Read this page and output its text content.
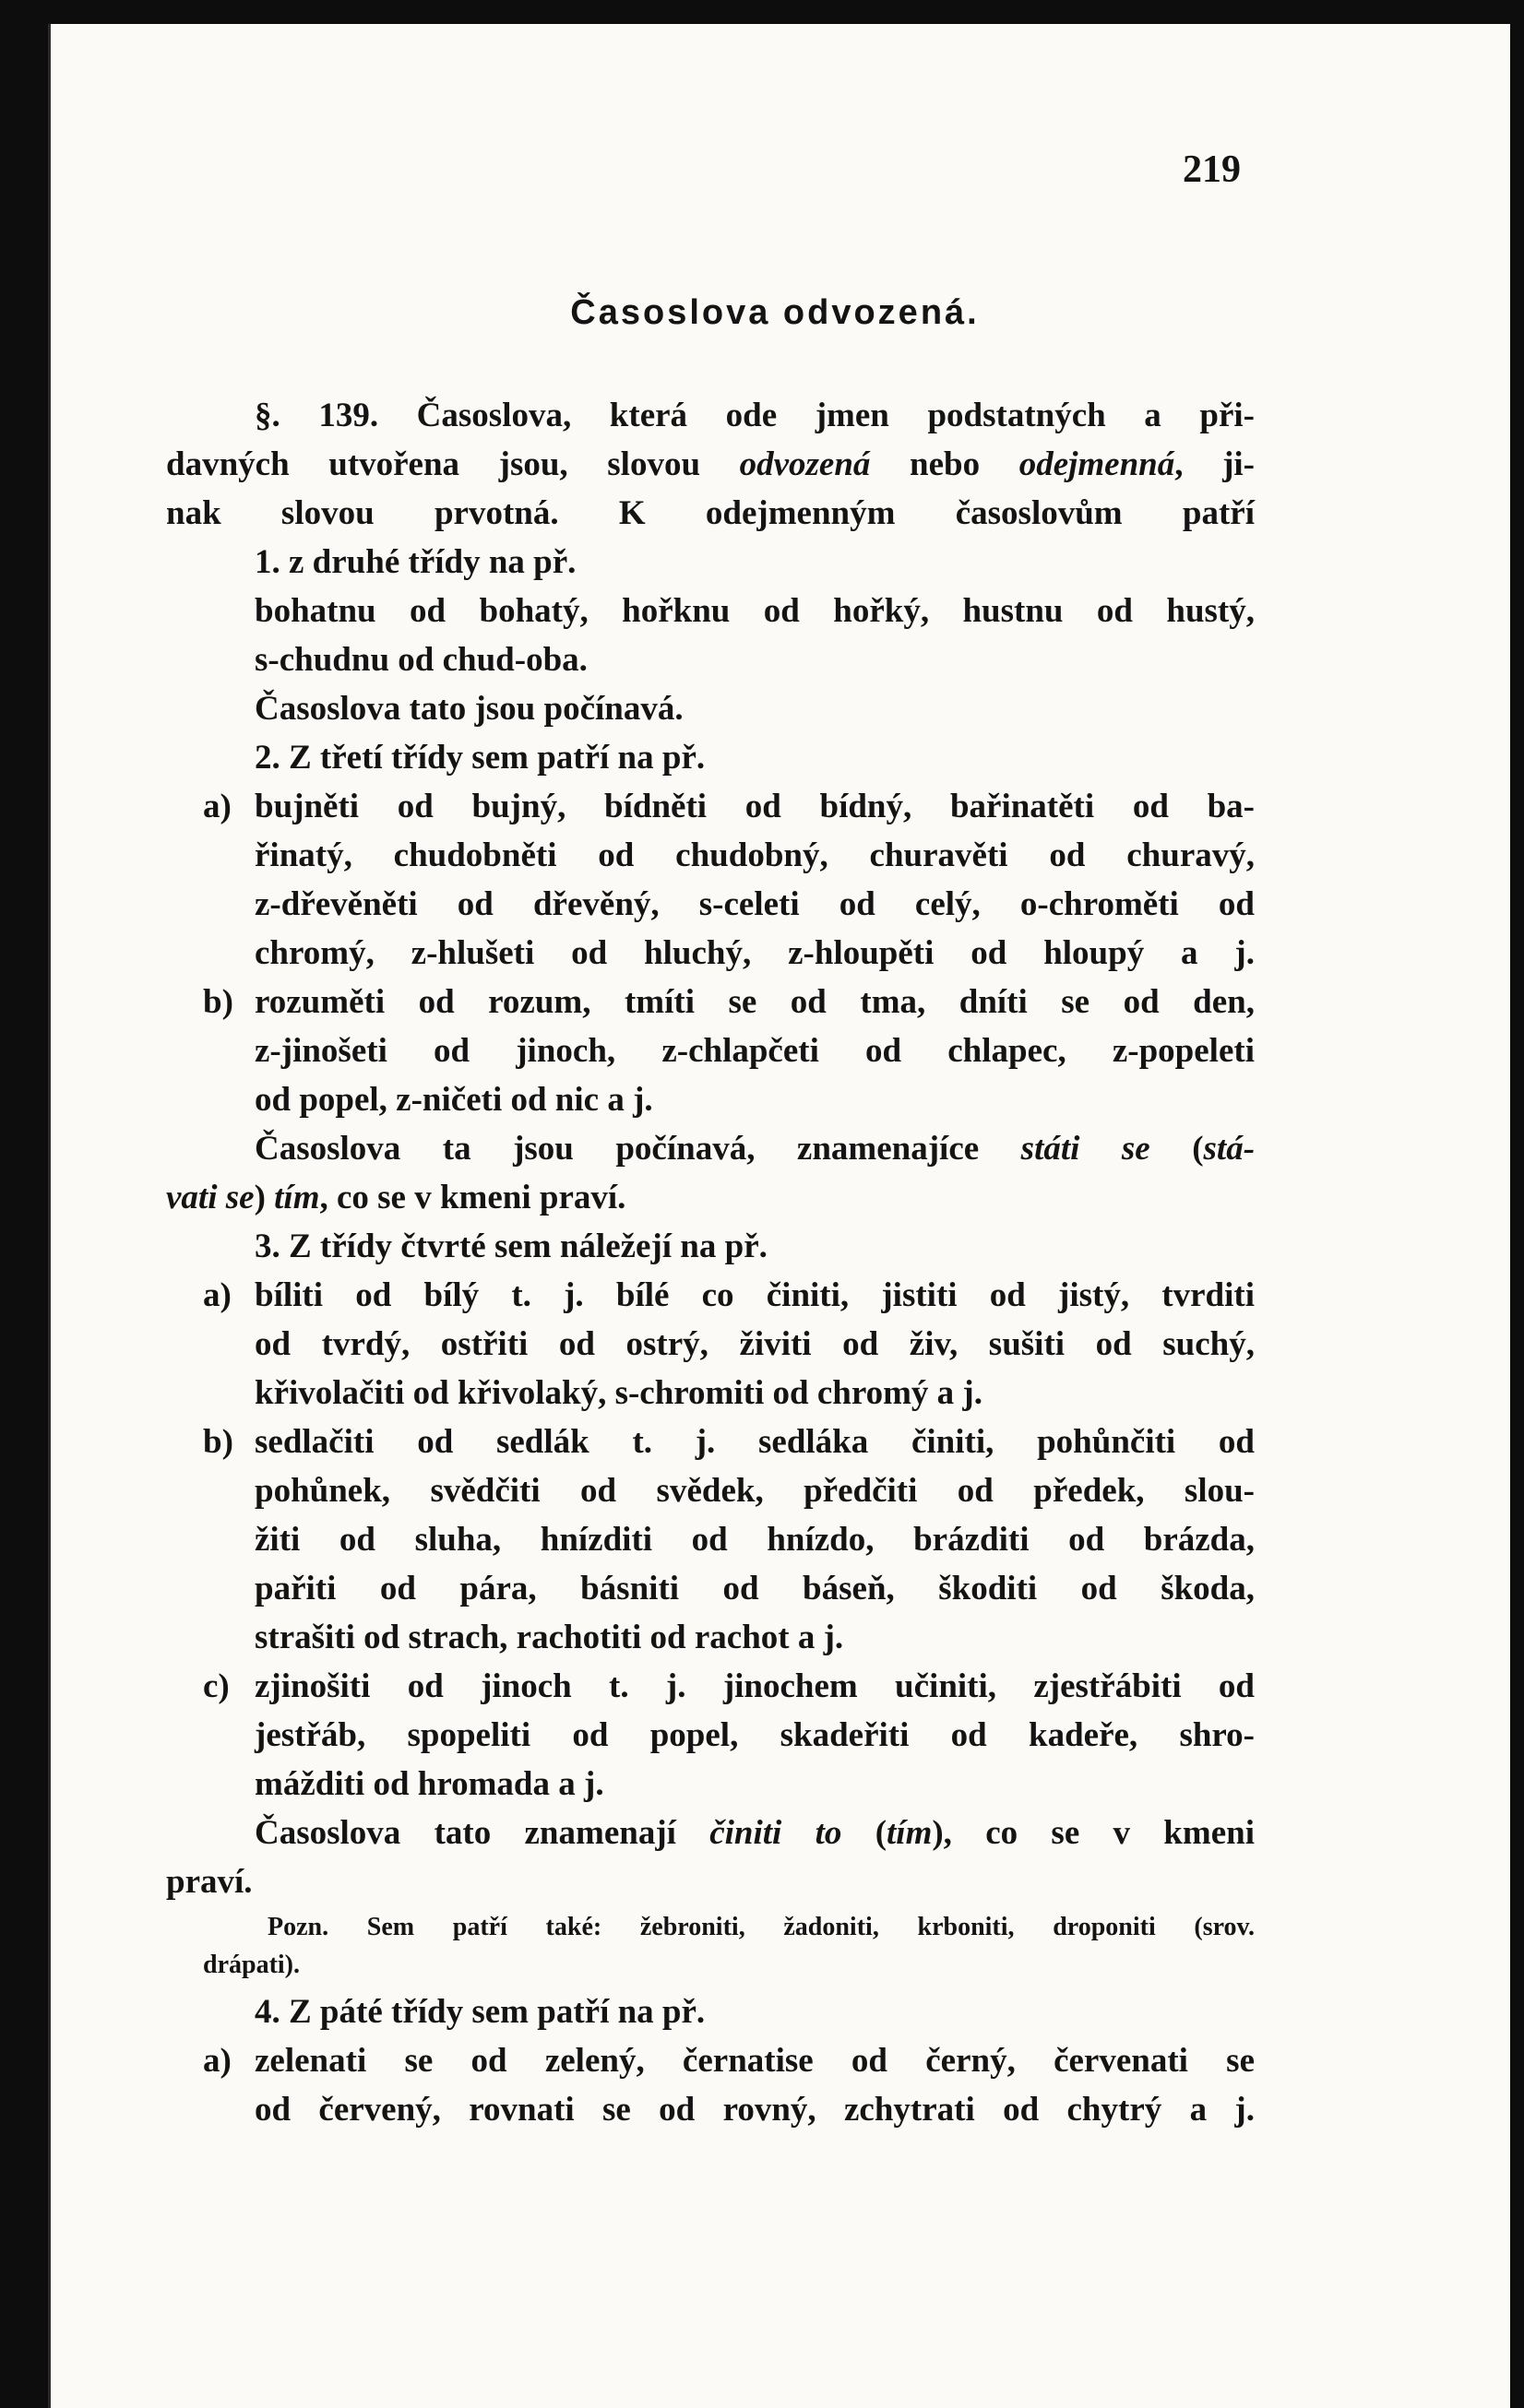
219
Časoslova odvozená.
§. 139. Časoslova, která ode jmen podstatných a při-
davných utvořena jsou, slovou odvozená nebo odejmenná, ji-
nak slovou prvotná. K odejmenným časoslovům patří
1. z druhé třídy na př.
bohatnu od bohatý, hořknu od hořký, hustnu od hustý,
s-chudnu od chud-oba.
Časoslova tato jsou počínavá.
2. Z třetí třídy sem patří na př.
a) bujněti od bujný, bídněti od bídný, bařinatěti od ba-
řinatý, chudobněti od chudobný, churavěti od churavý,
z-dřevěněti od dřevěný, s-celeti od celý, o-chroměti od
chromý, z-hlušeti od hluchý, z-hloupěti od hloupý a j.
b) rozuměti od rozum, tmíti se od tma, dníti se od den,
z-jinošeti od jinoch, z-chlapčeti od chlapec, z-popeleti
od popel, z-ničeti od nic a j.
Časoslova ta jsou počínavá, znamenajíce státi se (stá-
vati se) tím, co se v kmeni praví.
3. Z třídy čtvrté sem náležejí na př.
a) bíliti od bílý t. j. bílé co činiti, jistiti od jistý, tvrditi
od tvrdý, ostřiti od ostrý, živiti od živ, sušiti od suchý,
křivolačiti od křivolaký, s-chromiti od chromý a j.
b) sedlačiti od sedlák t. j. sedláka činiti, pohůnčiti od
pohůnek, svědčiti od svědek, předčiti od předek, slou-
žiti od sluha, hnízditi od hnízdo, brázditi od brázda,
pařiti od pára, básniti od báseň, škoditi od škoda,
strašiti od strach, rachotiti od rachot a j.
c) zjinošiti od jinoch t. j. jinochem učiniti, zjestřábiti od
jestřáb, spopeliti od popel, skadeřiti od kadeře, shro-
mážditi od hromada a j.
Časoslova tato znamenají činiti to (tím), co se v kmeni
praví.
Pozn. Sem patří také: žebroniti, žadoniti, krboniti, droponiti (srov.
drápati).
4. Z páté třídy sem patří na př.
a) zelenati se od zelený, černatise od černý, červenati se
od červený, rovnati se od rovný, zchytrati od chytrý a j.
